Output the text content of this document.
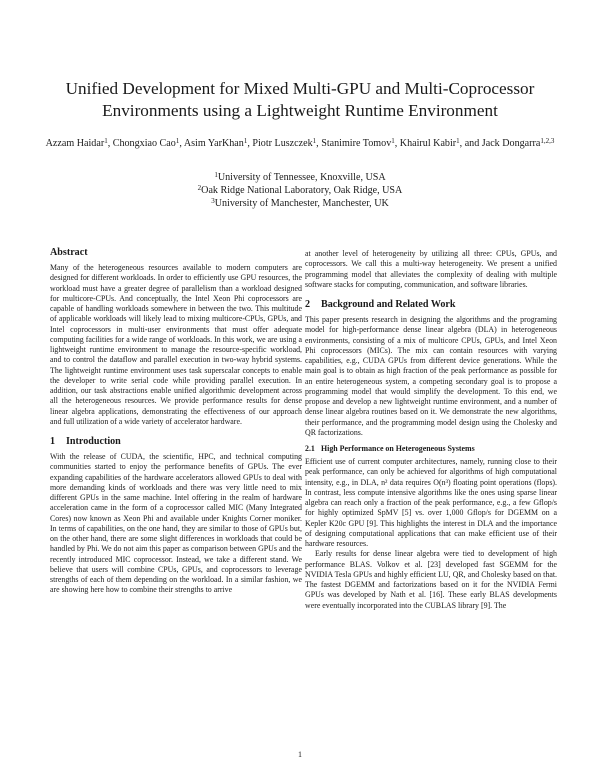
Unified Development for Mixed Multi-GPU and Multi-Coprocessor Environments using a Lightweight Runtime Environment
Azzam Haidar$^1$, Chongxiao Cao$^1$, Asim YarKhan$^1$, Piotr Luszczek$^1$, Stanimire Tomov$^1$, Khairul Kabir$^1$, and Jack Dongarra$^{1,2,3}$
$^1$University of Tennessee, Knoxville, USA
$^2$Oak Ridge National Laboratory, Oak Ridge, USA
$^3$University of Manchester, Manchester, UK
Abstract

Many of the heterogeneous resources available to modern computers are designed for different workloads. In order to efficiently use GPU resources, the workload must have a greater degree of parallelism than a workload designed for multicore-CPUs. And conceptually, the Intel Xeon Phi coprocessors are capable of handling workloads somewhere in between the two. This multitude of applicable workloads will likely lead to mixing multicore-CPUs, GPUs, and Intel coprocessors in multi-user environments that must offer adequate computing facilities for a wide range of workloads. In this work, we are using a lightweight runtime environment to manage the resource-specific workload, and to control the dataflow and parallel execution in two-way hybrid systems. The lightweight runtime environment uses task superscalar concepts to enable the developer to write serial code while providing parallel execution. In addition, our task abstractions enable unified algorithmic development across all the heterogeneous resources. We provide performance results for dense linear algebra applications, demonstrating the effectiveness of our approach and full utilization of a wide variety of accelerator hardware.

1 Introduction

With the release of CUDA, the scientific, HPC, and technical computing communities started to enjoy the performance benefits of GPUs. The ever expanding capabilities of the hardware accelerators allowed GPUs to deal with more demanding kinds of workloads and there was very little need to mix different GPUs in the same machine. Intel offering in the realm of hardware acceleration came in the form of a coprocessor called MIC (Many Integrated Cores) now known as Xeon Phi and available under Knights Corner moniker. In terms of capabilities, on the one hand, they are similar to those of GPUs but, on the other hand, there are some slight differences in workloads that could be handled by Phi. We do not aim this paper as comparison between GPUs and the recently introduced MIC coprocessor. Instead, we take a different stand. We believe that users will combine CPUs, GPUs, and coprocessors to leverage strengths of each of them depending on the workload. In a similar fashion, we are showing here how to combine their strengths to arrive

at another level of heterogeneity by utilizing all three: CPUs, GPUs, and coprocessors. We call this a multi-way heterogeneity. We present a unified programming model that alleviates the complexity of dealing with multiple software stacks for computing, communication, and software libraries.

2 Background and Related Work

This paper presents research in designing the algorithms and the programing model for high-performance dense linear algebra (DLA) in heterogeneous environments, consisting of a mix of multicore CPUs, GPUs, and Intel Xeon Phi coprocessors (MICs). The mix can contain resources with varying capabilities, e.g., CUDA GPUs from different device generations. While the main goal is to obtain as high fraction of the peak performance as possible for an entire heterogeneous system, a competing secondary goal is to propose a programming model that would simplify the development. To this end, we propose and develop a new lightweight runtime environment, and a number of dense linear algebra routines based on it. We demonstrate the new algorithms, their performance, and the programming model design using the Cholesky and QR factorizations.

2.1 High Performance on Heterogeneous Systems

Efficient use of current computer architectures, namely, running close to their peak performance, can only be achieved for algorithms of high computational intensity, e.g., in DLA, n² data requires O(n³) floating point operations (flops). In contrast, less compute intensive algorithms like the ones using sparse linear algebra can reach only a fraction of the peak performance, e.g., a few Gflop/s for highly optimized SpMV [5] vs. over 1,000 Gflop/s for DGEMM on a Kepler K20c GPU [9]. This highlights the interest in DLA and the importance of designing computational applications that can make efficient use of their hardware resources.

Early results for dense linear algebra were tied to development of high performance BLAS. Volkov et al. [23] developed fast SGEMM for the NVIDIA Tesla GPUs and highly efficient LU, QR, and Cholesky based on that. The fastest DGEMM and factorizations based on it for the NVIDIA Fermi GPUs was developed by Nath et al. [16]. These early BLAS developments were eventually incorporated into the CUBLAS library [9]. The

1
